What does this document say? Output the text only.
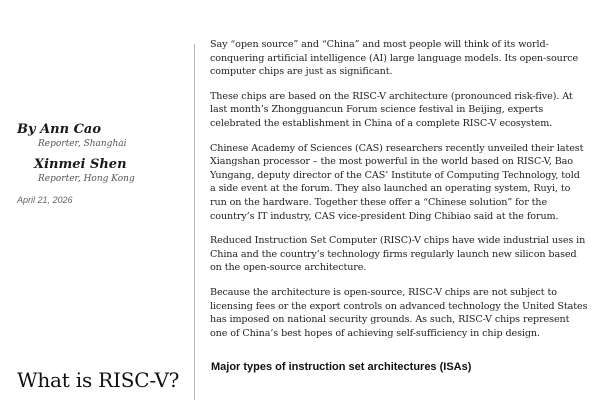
By Ann Cao

Reporter, Shanghai

Xinmei Shen

Reporter, Hong Kong

April 21, 2026
What is RISC-V?

Say “open source” and “China” and most people will think of its world-conquering artificial intelligence (AI) large language models. Its open-source computer chips are just as significant.

These chips are based on the RISC-V architecture (pronounced risk-five). At last month’s Zhongguancun Forum science festival in Beijing, experts celebrated the establishment in China of a complete RISC-V ecosystem.

Chinese Academy of Sciences (CAS) researchers recently unveiled their latest Xiangshan processor – the most powerful in the world based on RISC-V, Bao Yungang, deputy director of the CAS’ Institute of Computing Technology, told a side event at the forum. They also launched an operating system, Ruyi, to run on the hardware. Together these offer a “Chinese solution” for the country’s IT industry, CAS vice-president Ding Chibiao said at the forum.

Reduced Instruction Set Computer (RISC)-V chips have wide industrial uses in China and the country’s technology firms regularly launch new silicon based on the open-source architecture.

Because the architecture is open-source, RISC-V chips are not subject to licensing fees or the export controls on advanced technology the United States has imposed on national security grounds. As such, RISC-V chips represent one of China’s best hopes of achieving self-sufficiency in chip design.

Major types of instruction set architectures (ISAs)
